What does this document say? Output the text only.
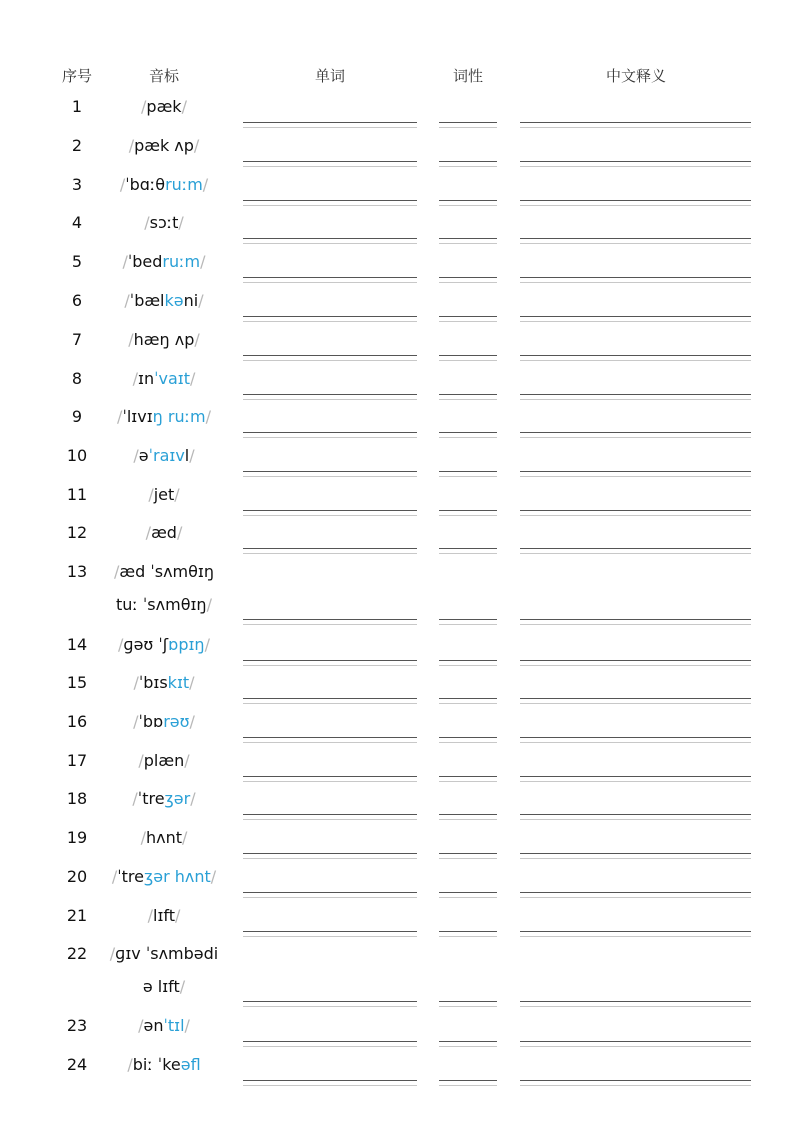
序号	音标	单词	词性	中文释义
1	/pæk/
2	/pæk ʌp/
3 /ˈbɑːθruːm/
4	/sɔːt/
5	/ˈbedruːm/
6	/ˈbælkəni/
7	/hæŋ ʌp/
8	/ɪnˈvaɪt/
9 /ˈlɪvɪŋ ruːm/
10	/əˈraɪvl/
11	/jet/
12	/æd/
13 /æd ˈsʌmθɪŋ
tuː ˈsʌmθɪŋ/
14 /ɡəʊ ˈʃɒpɪŋ/
15	/ˈbɪskɪt/
16	/ˈbɒrəʊ/
17	/plæn/
18	/ˈtreʒər/
19	/hʌnt/
20 /ˈtreʒər hʌnt/
21	/lɪft/
22 /ɡɪv ˈsʌmbədi
ə lɪft/
23	/ənˈtɪl/
24	/biː ˈkeəfl
